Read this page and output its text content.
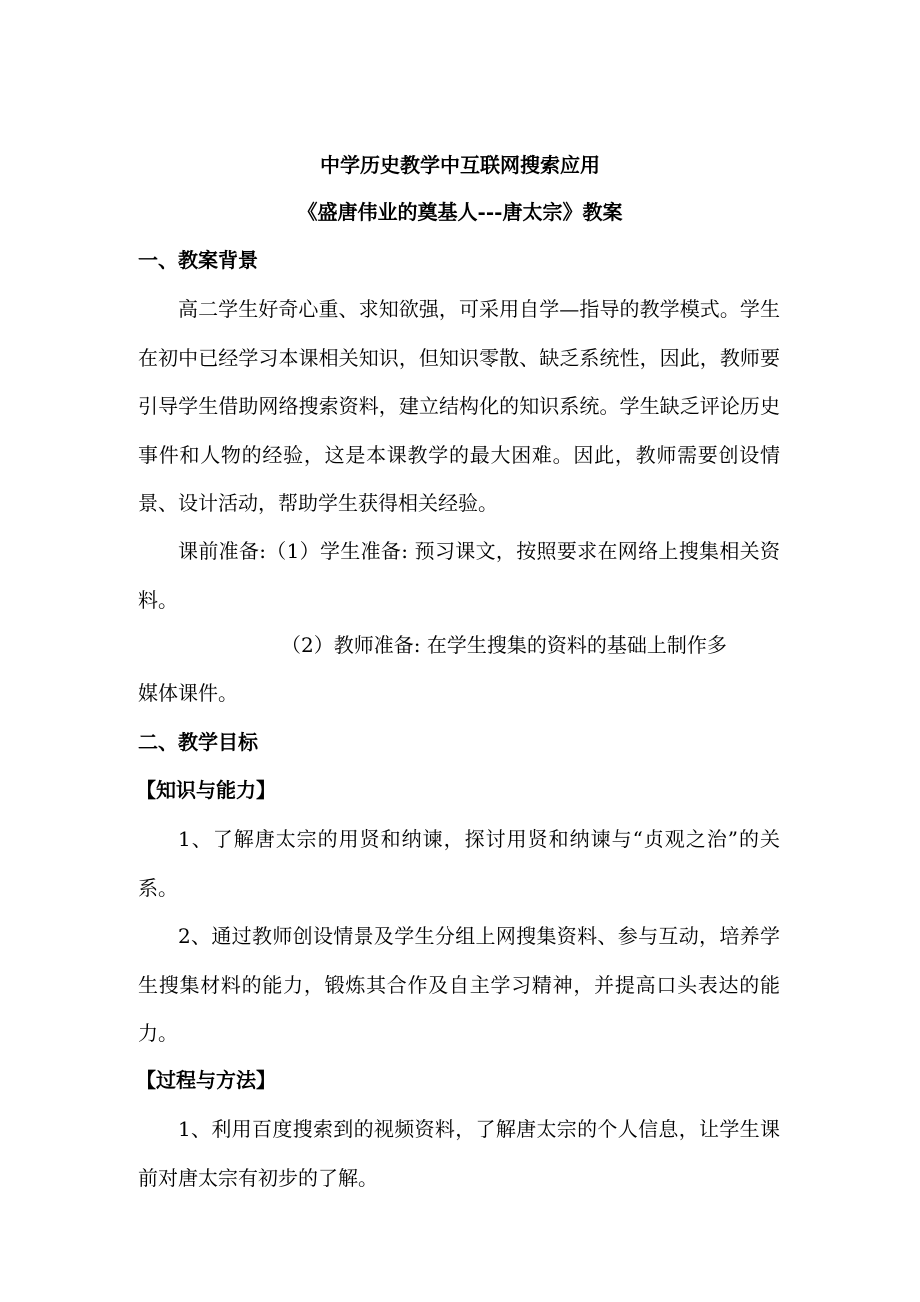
中学历史教学中互联网搜索应用
《盛唐伟业的奠基人---唐太宗》教案
一、教案背景

高二学生好奇心重、求知欲强，可采用自学—指导的教学模式。学生在初中已经学习本课相关知识，但知识零散、缺乏系统性，因此，教师要引导学生借助网络搜索资料，建立结构化的知识系统。学生缺乏评论历史事件和人物的经验，这是本课教学的最大困难。因此，教师需要创设情景、设计活动，帮助学生获得相关经验。

课前准备:（1）学生准备: 预习课文，按照要求在网络上搜集相关资料。

（2）教师准备: 在学生搜集的资料的基础上制作多
媒体课件。
二、教学目标
【知识与能力】

1、了解唐太宗的用贤和纳谏，探讨用贤和纳谏与“贞观之治”的关系。

2、通过教师创设情景及学生分组上网搜集资料、参与互动，培养学生搜集材料的能力，锻炼其合作及自主学习精神，并提高口头表达的能力。

【过程与方法】

1、利用百度搜索到的视频资料，了解唐太宗的个人信息，让学生课前对唐太宗有初步的了解。
